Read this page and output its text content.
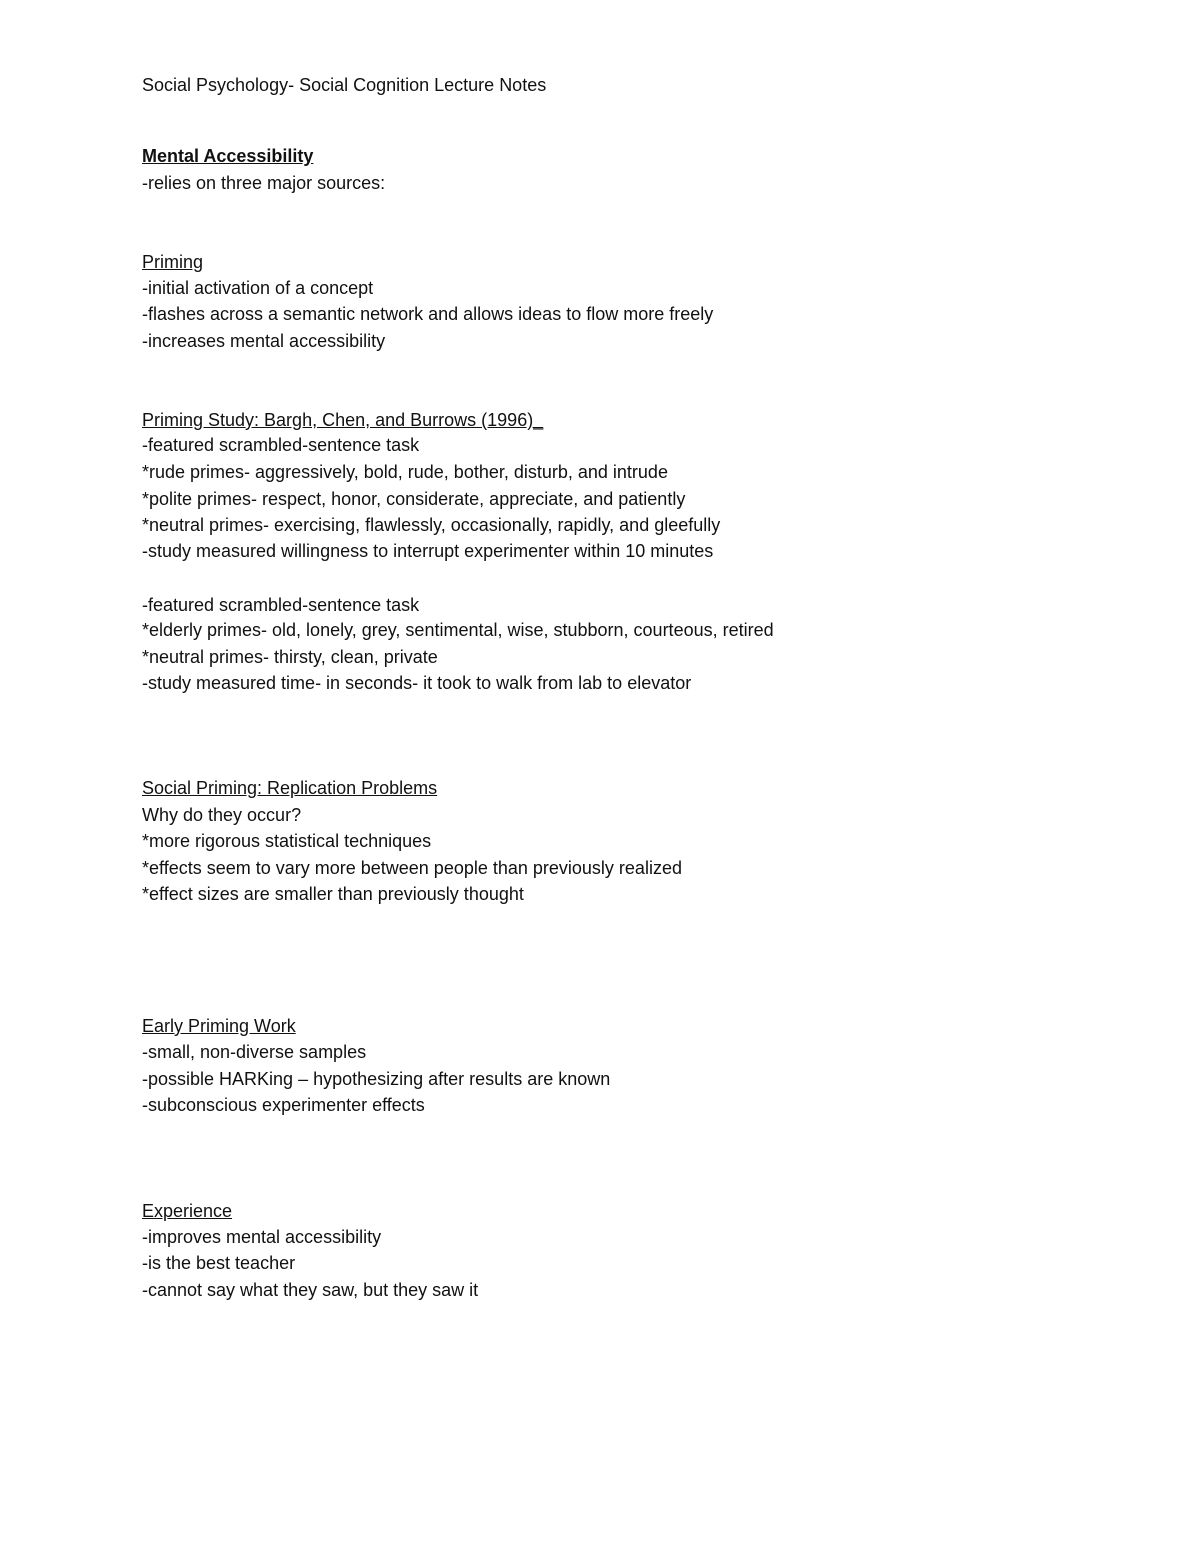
Social Psychology- Social Cognition Lecture Notes
Mental Accessibility
-relies on three major sources:
Priming
-initial activation of a concept
-flashes across a semantic network and allows ideas to flow more freely
-increases mental accessibility
Priming Study: Bargh, Chen, and Burrows (1996)_
-featured scrambled-sentence task
*rude primes- aggressively, bold, rude, bother, disturb, and intrude
*polite primes- respect, honor, considerate, appreciate, and patiently
*neutral primes- exercising, flawlessly, occasionally, rapidly, and gleefully
-study measured willingness to interrupt experimenter within 10 minutes
-featured scrambled-sentence task
*elderly primes- old, lonely, grey, sentimental, wise, stubborn, courteous, retired
*neutral primes- thirsty, clean, private
-study measured time- in seconds- it took to walk from lab to elevator
Social Priming: Replication Problems
Why do they occur?
*more rigorous statistical techniques
*effects seem to vary more between people than previously realized
*effect sizes are smaller than previously thought
Early Priming Work
-small, non-diverse samples
-possible HARKing – hypothesizing after results are known
-subconscious experimenter effects
Experience
-improves mental accessibility
-is the best teacher
-cannot say what they saw, but they saw it
